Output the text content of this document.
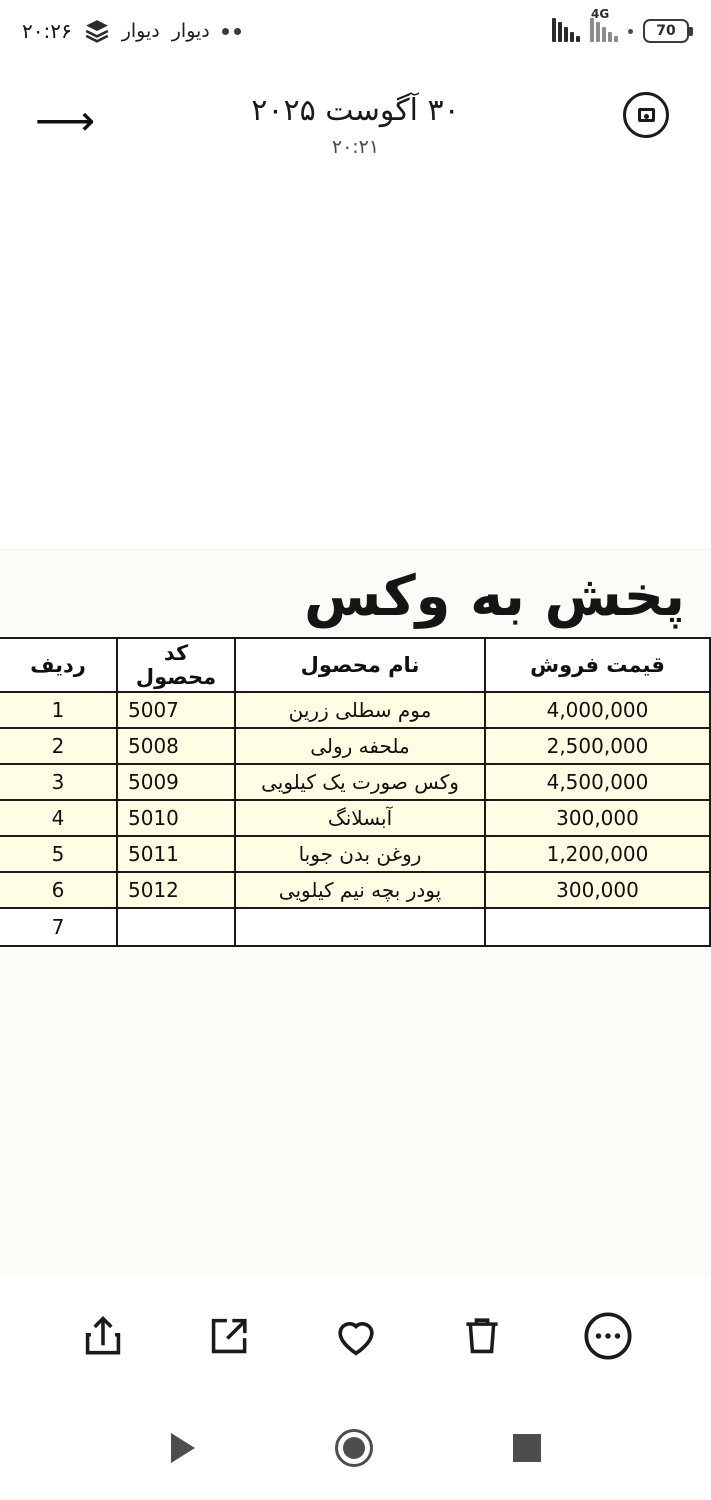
70
4G
دیوار
دیوار
۲۰:۲۶
۳۰ آگوست ۲۰۲۵
۲۰:۲۱
⟶
پخش به وکس
قیمت فروش	نام محصول	کد محصول	ردیف
4,000,000	موم سطلی زرین	5007	1
2,500,000	ملحفه رولی	5008	2
4,500,000	وکس صورت یک کیلویی	5009	3
300,000	آبسلانگ	5010	4
1,200,000	روغن بدن جوبا	5011	5
300,000	پودر بچه نیم کیلویی	5012	6
			7
